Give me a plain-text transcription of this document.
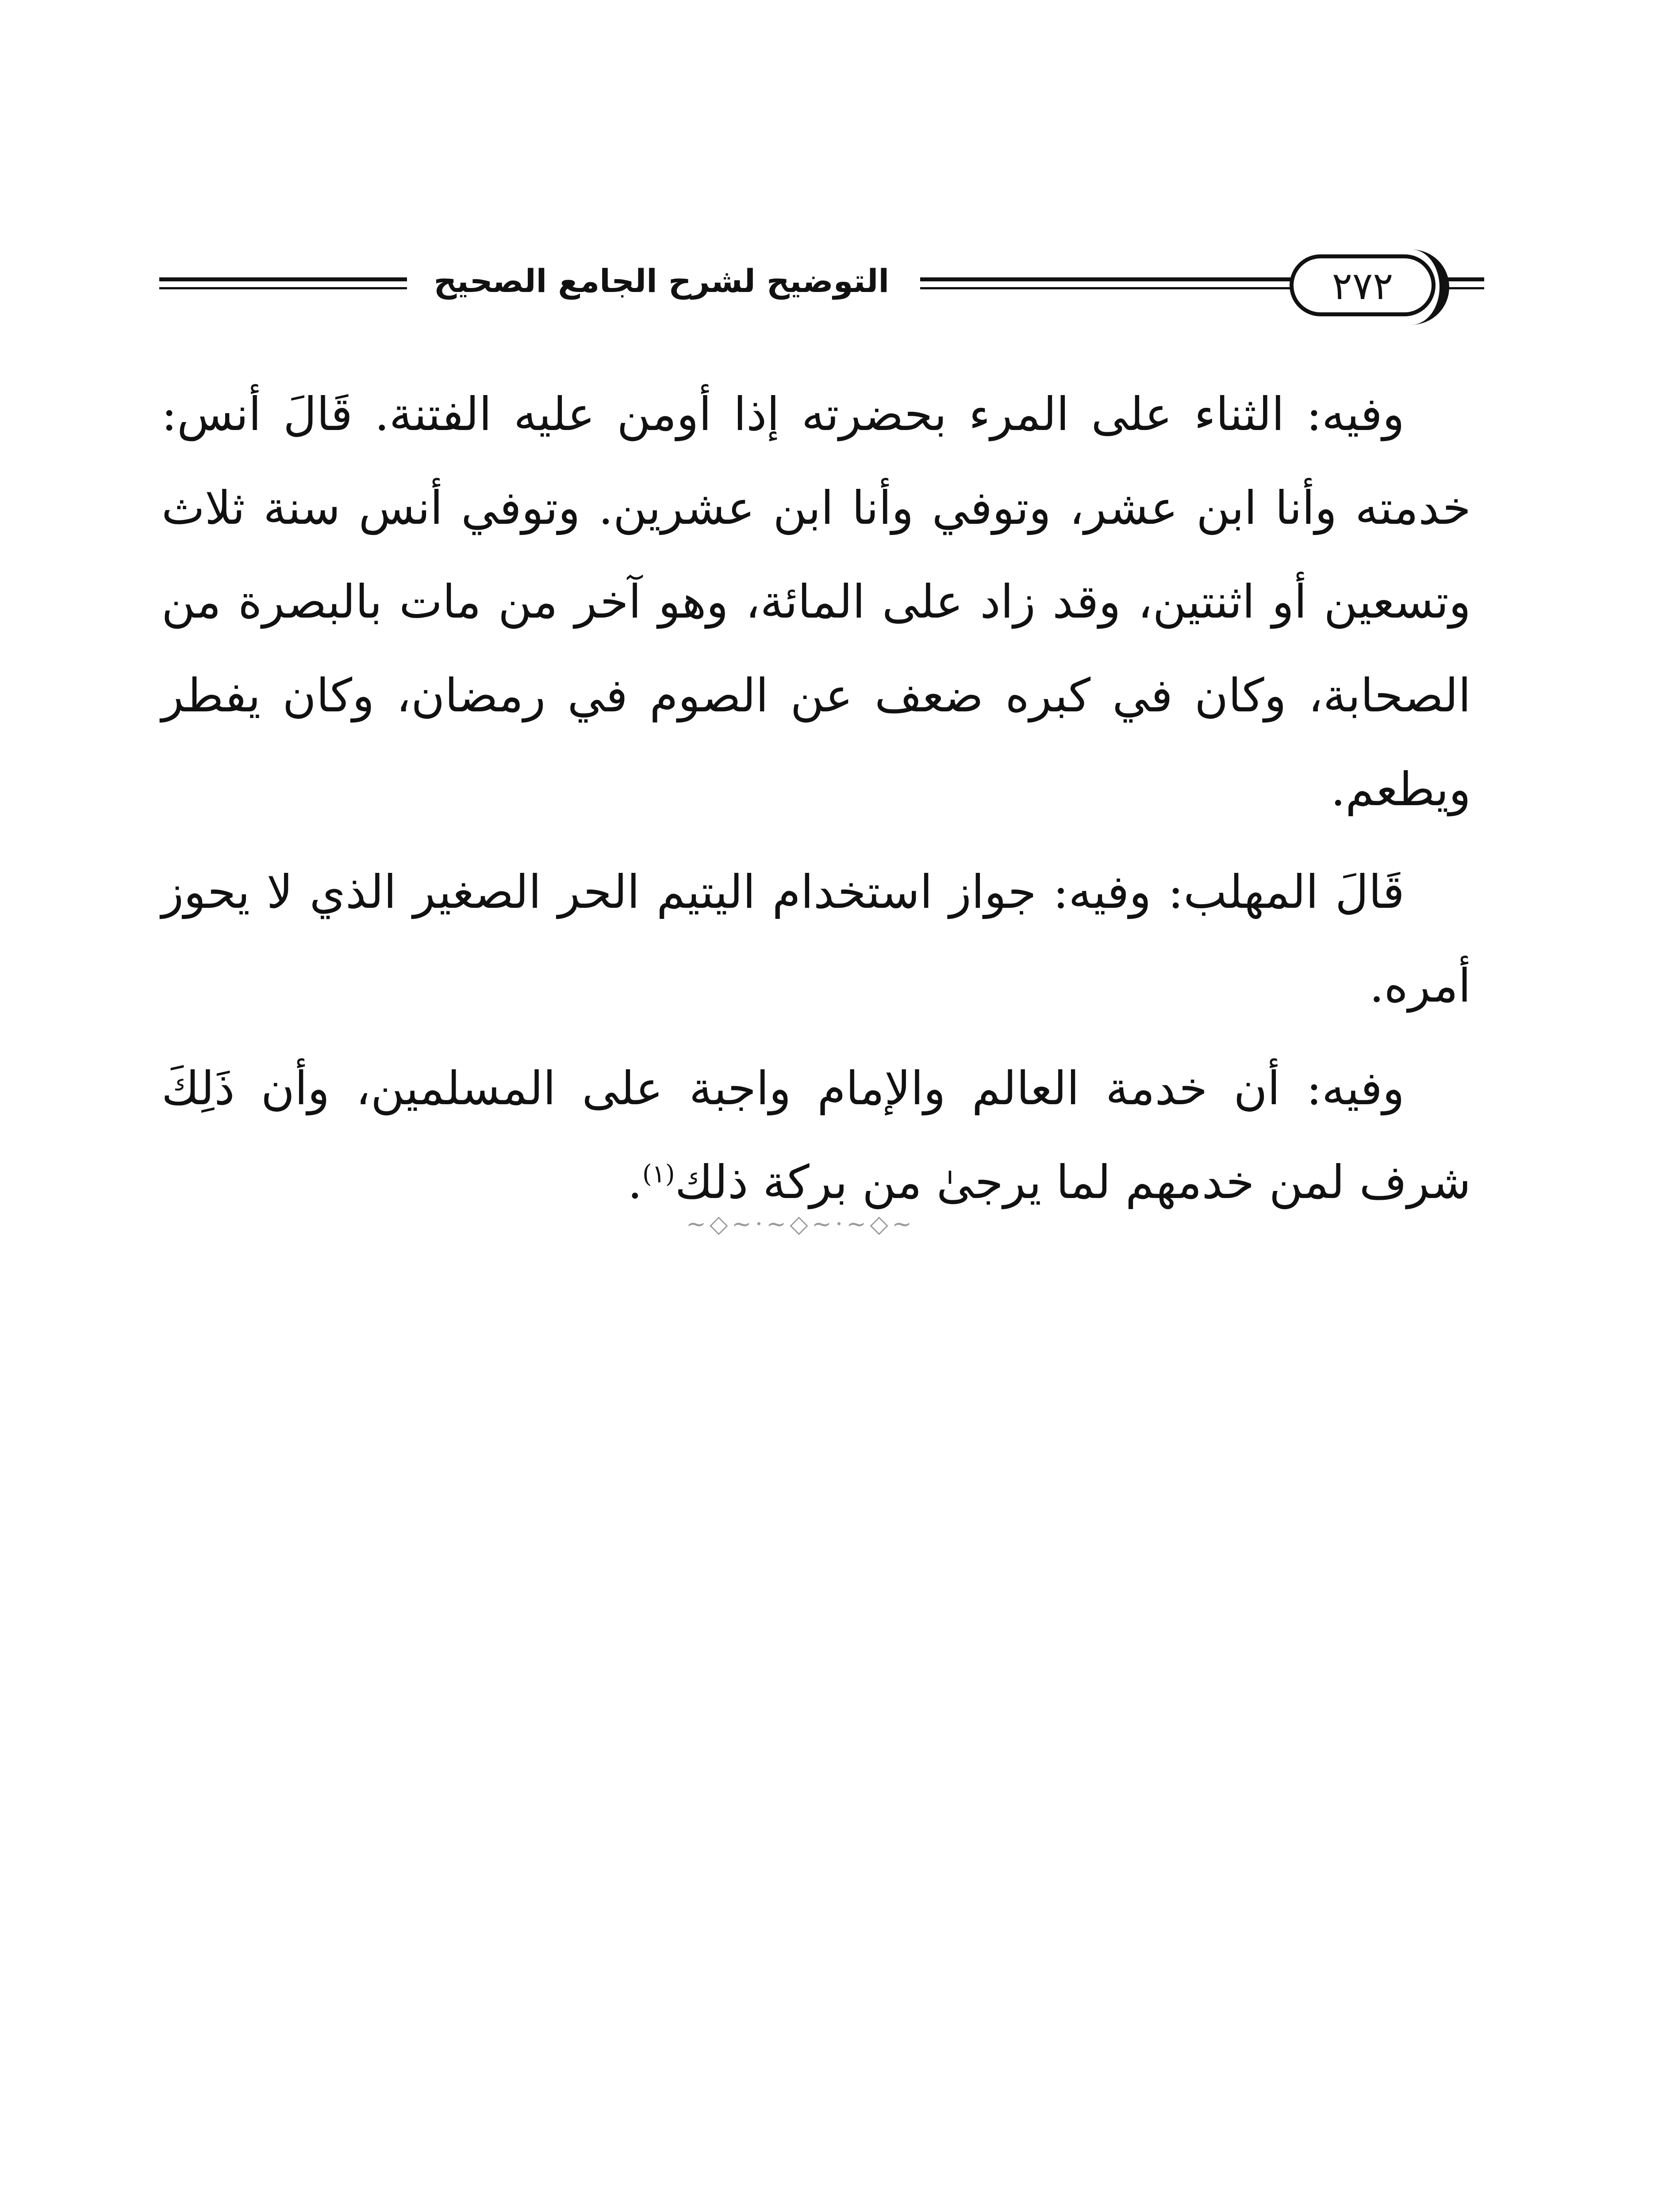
التوضيح لشرح الجامع الصحيح	٢٧٢

وفيه: الثناء على المرء بحضرته إذا أومن عليه الفتنة. قَالَ أنس: خدمته وأنا ابن عشر، وتوفي وأنا ابن عشرين. وتوفي أنس سنة ثلاث وتسعين أو اثنتين، وقد زاد على المائة، وهو آخر من مات بالبصرة من الصحابة، وكان في كبره ضعف عن الصوم في رمضان، وكان يفطر ويطعم.

قَالَ المهلب: وفيه: جواز استخدام اليتيم الحر الصغير الذي لا يحوز أمره.

وفيه: أن خدمة العالم والإمام واجبة على المسلمين، وأن ذَلِكَ شرف لمن خدمهم لما يرجىٰ من بركة ذلك$^{(١)}$.

~◇~·~◇~·~◇~
